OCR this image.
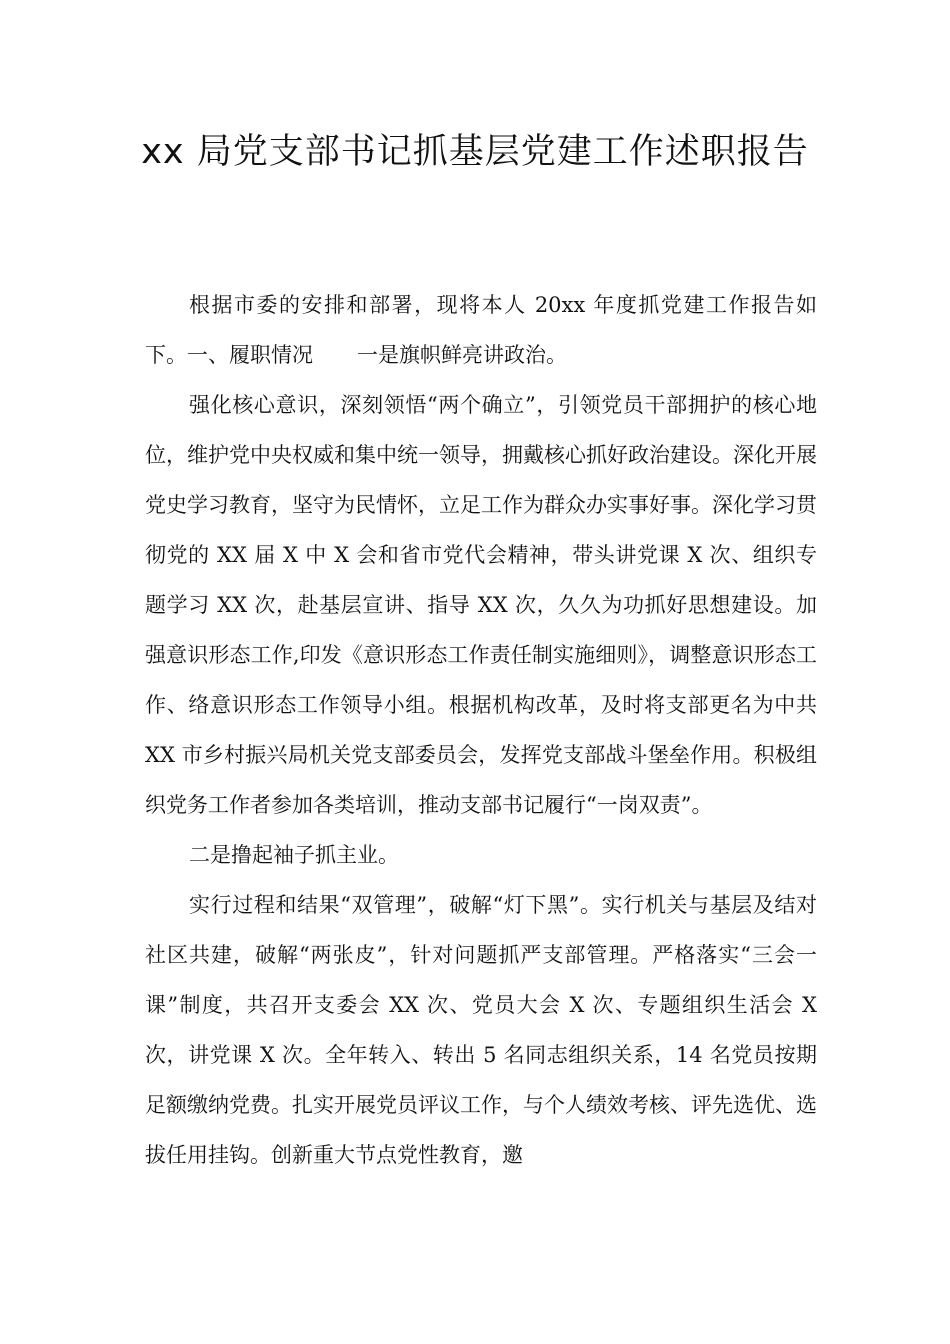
xx 局党支部书记抓基层党建工作述职报告

根据市委的安排和部署，现将本人 20xx 年度抓党建工作报告如下。一、履职情况 一是旗帜鲜亮讲政治。

强化核心意识，深刻领悟“两个确立”，引领党员干部拥护的核心地位，维护党中央权威和集中统一领导，拥戴核心抓好政治建设。深化开展党史学习教育，坚守为民情怀，立足工作为群众办实事好事。深化学习贯彻党的 XX 届 X 中 X 会和省市党代会精神，带头讲党课 X 次、组织专题学习 XX 次，赴基层宣讲、指导 XX 次，久久为功抓好思想建设。加强意识形态工作,印发《意识形态工作责任制实施细则》，调整意识形态工作、络意识形态工作领导小组。根据机构改革，及时将支部更名为中共 XX 市乡村振兴局机关党支部委员会，发挥党支部战斗堡垒作用。积极组织党务工作者参加各类培训，推动支部书记履行“一岗双责”。

二是撸起袖子抓主业。

实行过程和结果“双管理”，破解“灯下黑”。实行机关与基层及结对社区共建，破解“两张皮”，针对问题抓严支部管理。严格落实“三会一课”制度，共召开支委会 XX 次、党员大会 X 次、专题组织生活会 X 次，讲党课 X 次。全年转入、转出 5 名同志组织关系，14 名党员按期足额缴纳党费。扎实开展党员评议工作，与个人绩效考核、评先选优、选拔任用挂钩。创新重大节点党性教育，邀
